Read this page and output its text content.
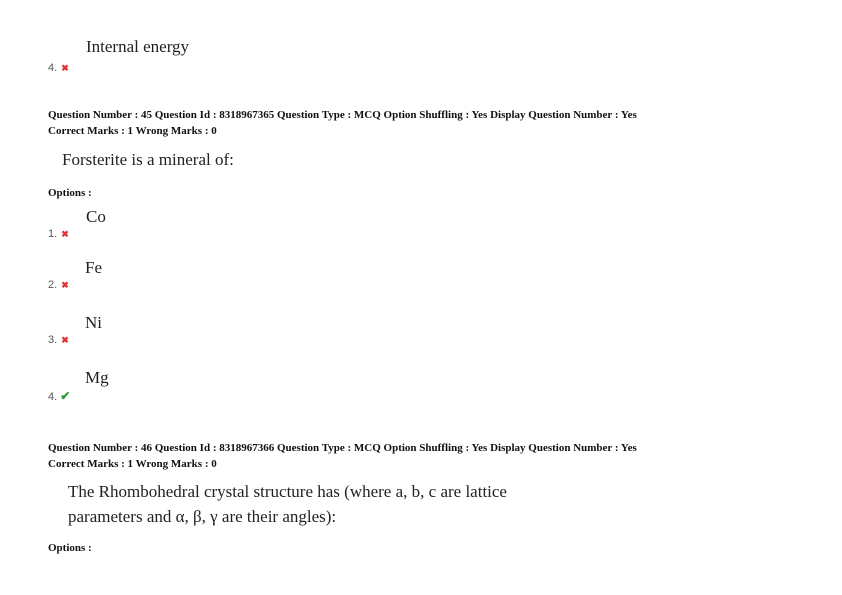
Internal energy
4. ✖
Question Number : 45 Question Id : 8318967365 Question Type : MCQ Option Shuffling : Yes Display Question Number : Yes
Correct Marks : 1 Wrong Marks : 0
Forsterite is a mineral of:
Options :
Co
1. ✖
Fe
2. ✖
Ni
3. ✖
Mg
4. ✔
Question Number : 46 Question Id : 8318967366 Question Type : MCQ Option Shuffling : Yes Display Question Number : Yes
Correct Marks : 1 Wrong Marks : 0
The Rhombohedral crystal structure has (where a, b, c are lattice
parameters and α, β, γ are their angles):
Options :
